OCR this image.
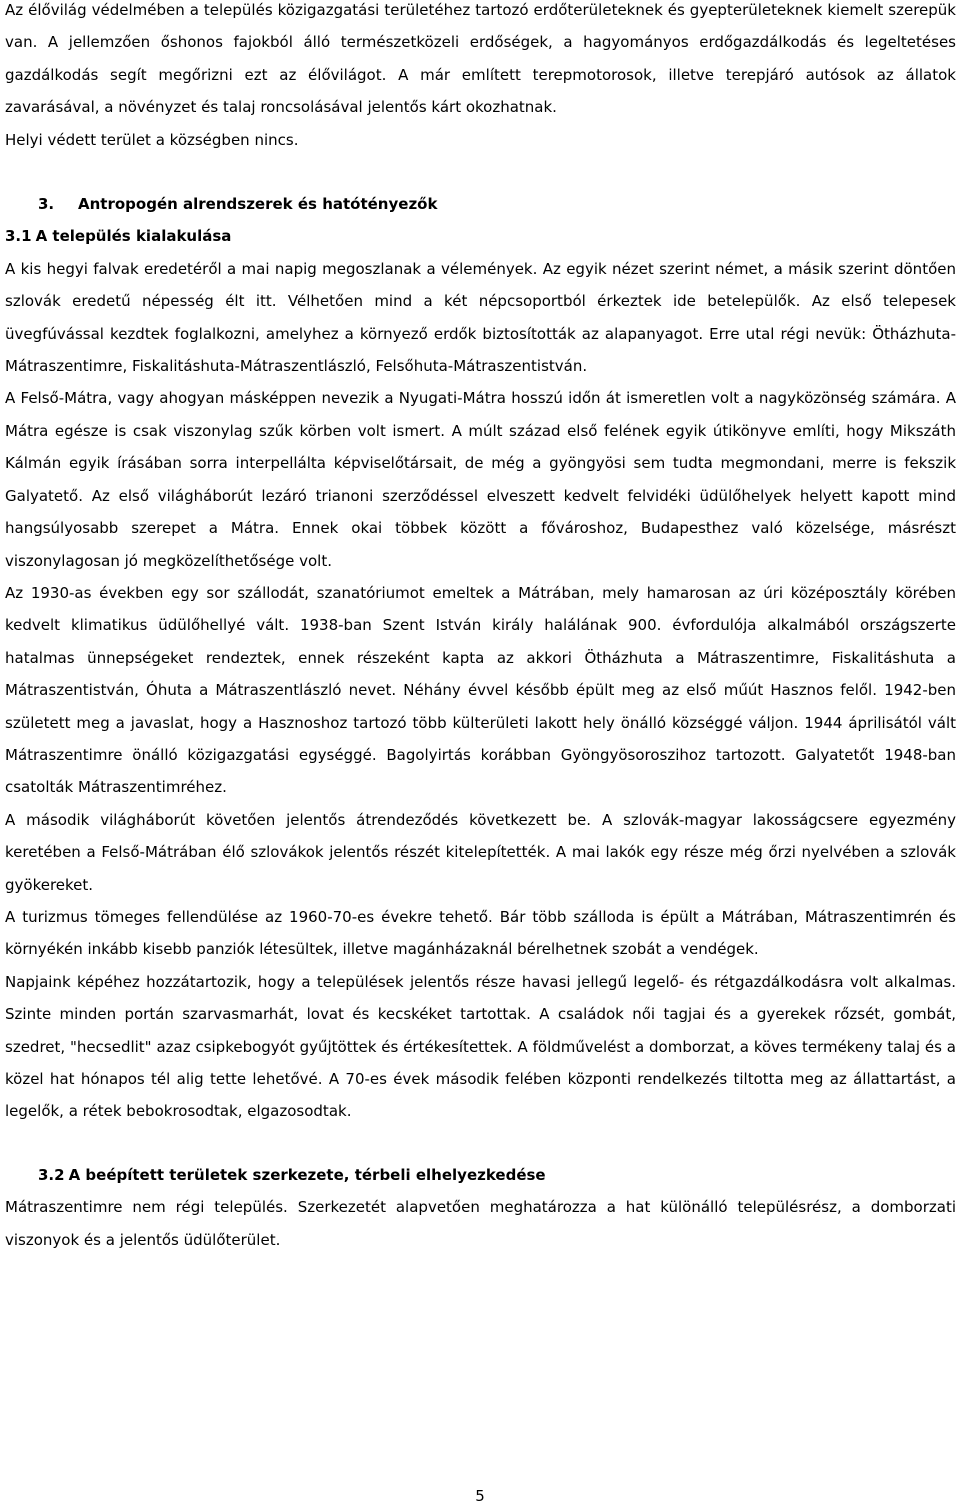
Az élővilág védelmében a település közigazgatási területéhez tartozó erdőterületeknek és gyepterületeknek kiemelt szerepük van. A jellemzően őshonos fajokból álló természetközeli erdőségek, a hagyományos erdőgazdálkodás és legeltetéses gazdálkodás segít megőrizni ezt az élővilágot. A már említett terepmotorosok, illetve terepjáró autósok az állatok zavarásával, a növényzet és talaj roncsolásával jelentős kárt okozhatnak.

Helyi védett terület a községben nincs.

3. Antropogén alrendszerek és hatótényezők
3.1 A település kialakulása

A kis hegyi falvak eredetéről a mai napig megoszlanak a vélemények. Az egyik nézet szerint német, a másik szerint döntően szlovák eredetű népesség élt itt. Vélhetően mind a két népcsoportból érkeztek ide betelepülők. Az első telepesek üvegfúvással kezdtek foglalkozni, amelyhez a környező erdők biztosították az alapanyagot. Erre utal régi nevük: Ötházhuta-Mátraszentimre, Fiskalitáshuta-Mátraszentlászló, Felsőhuta-Mátraszentistván.

A Felső-Mátra, vagy ahogyan másképpen nevezik a Nyugati-Mátra hosszú időn át ismeretlen volt a nagyközönség számára. A Mátra egésze is csak viszonylag szűk körben volt ismert. A múlt század első felének egyik útikönyve említi, hogy Mikszáth Kálmán egyik írásában sorra interpellálta képviselőtársait, de még a gyöngyösi sem tudta megmondani, merre is fekszik Galyatető. Az első világháborút lezáró trianoni szerződéssel elveszett kedvelt felvidéki üdülőhelyek helyett kapott mind hangsúlyosabb szerepet a Mátra. Ennek okai többek között a fővároshoz, Budapesthez való közelsége, másrészt viszonylagosan jó megközelíthetősége volt.

Az 1930-as években egy sor szállodát, szanatóriumot emeltek a Mátrában, mely hamarosan az úri középosztály körében kedvelt klimatikus üdülőhellyé vált. 1938-ban Szent István király halálának 900. évfordulója alkalmából országszerte hatalmas ünnepségeket rendeztek, ennek részeként kapta az akkori Ötházhuta a Mátraszentimre, Fiskalitáshuta a Mátraszentistván, Óhuta a Mátraszentlászló nevet. Néhány évvel később épült meg az első műút Hasznos felől. 1942-ben született meg a javaslat, hogy a Hasznoshoz tartozó több külterületi lakott hely önálló községgé váljon. 1944 áprilisától vált Mátraszentimre önálló közigazgatási egységgé. Bagolyirtás korábban Gyöngyösoroszihoz tartozott. Galyatetőt 1948-ban csatolták Mátraszentimréhez.

A második világháborút követően jelentős átrendeződés következett be. A szlovák-magyar lakosságcsere egyezmény keretében a Felső-Mátrában élő szlovákok jelentős részét kitelepítették. A mai lakók egy része még őrzi nyelvében a szlovák gyökereket.

A turizmus tömeges fellendülése az 1960-70-es évekre tehető. Bár több szálloda is épült a Mátrában, Mátraszentimrén és környékén inkább kisebb panziók létesültek, illetve magánházaknál bérelhetnek szobát a vendégek.

Napjaink képéhez hozzátartozik, hogy a települések jelentős része havasi jellegű legelő- és rétgazdálkodásra volt alkalmas. Szinte minden portán szarvasmarhát, lovat és kecskéket tartottak. A családok női tagjai és a gyerekek rőzsét, gombát, szedret, "hecsedlit" azaz csipkebogyót gyűjtöttek és értékesítettek. A földművelést a domborzat, a köves termékeny talaj és a közel hat hónapos tél alig tette lehetővé. A 70-es évek második felében központi rendelkezés tiltotta meg az állattartást, a legelők, a rétek bebokrosodtak, elgazosodtak.

3.2 A beépített területek szerkezete, térbeli elhelyezkedése

Mátraszentimre nem régi település. Szerkezetét alapvetően meghatározza a hat különálló településrész, a domborzati viszonyok és a jelentős üdülőterület.

5
